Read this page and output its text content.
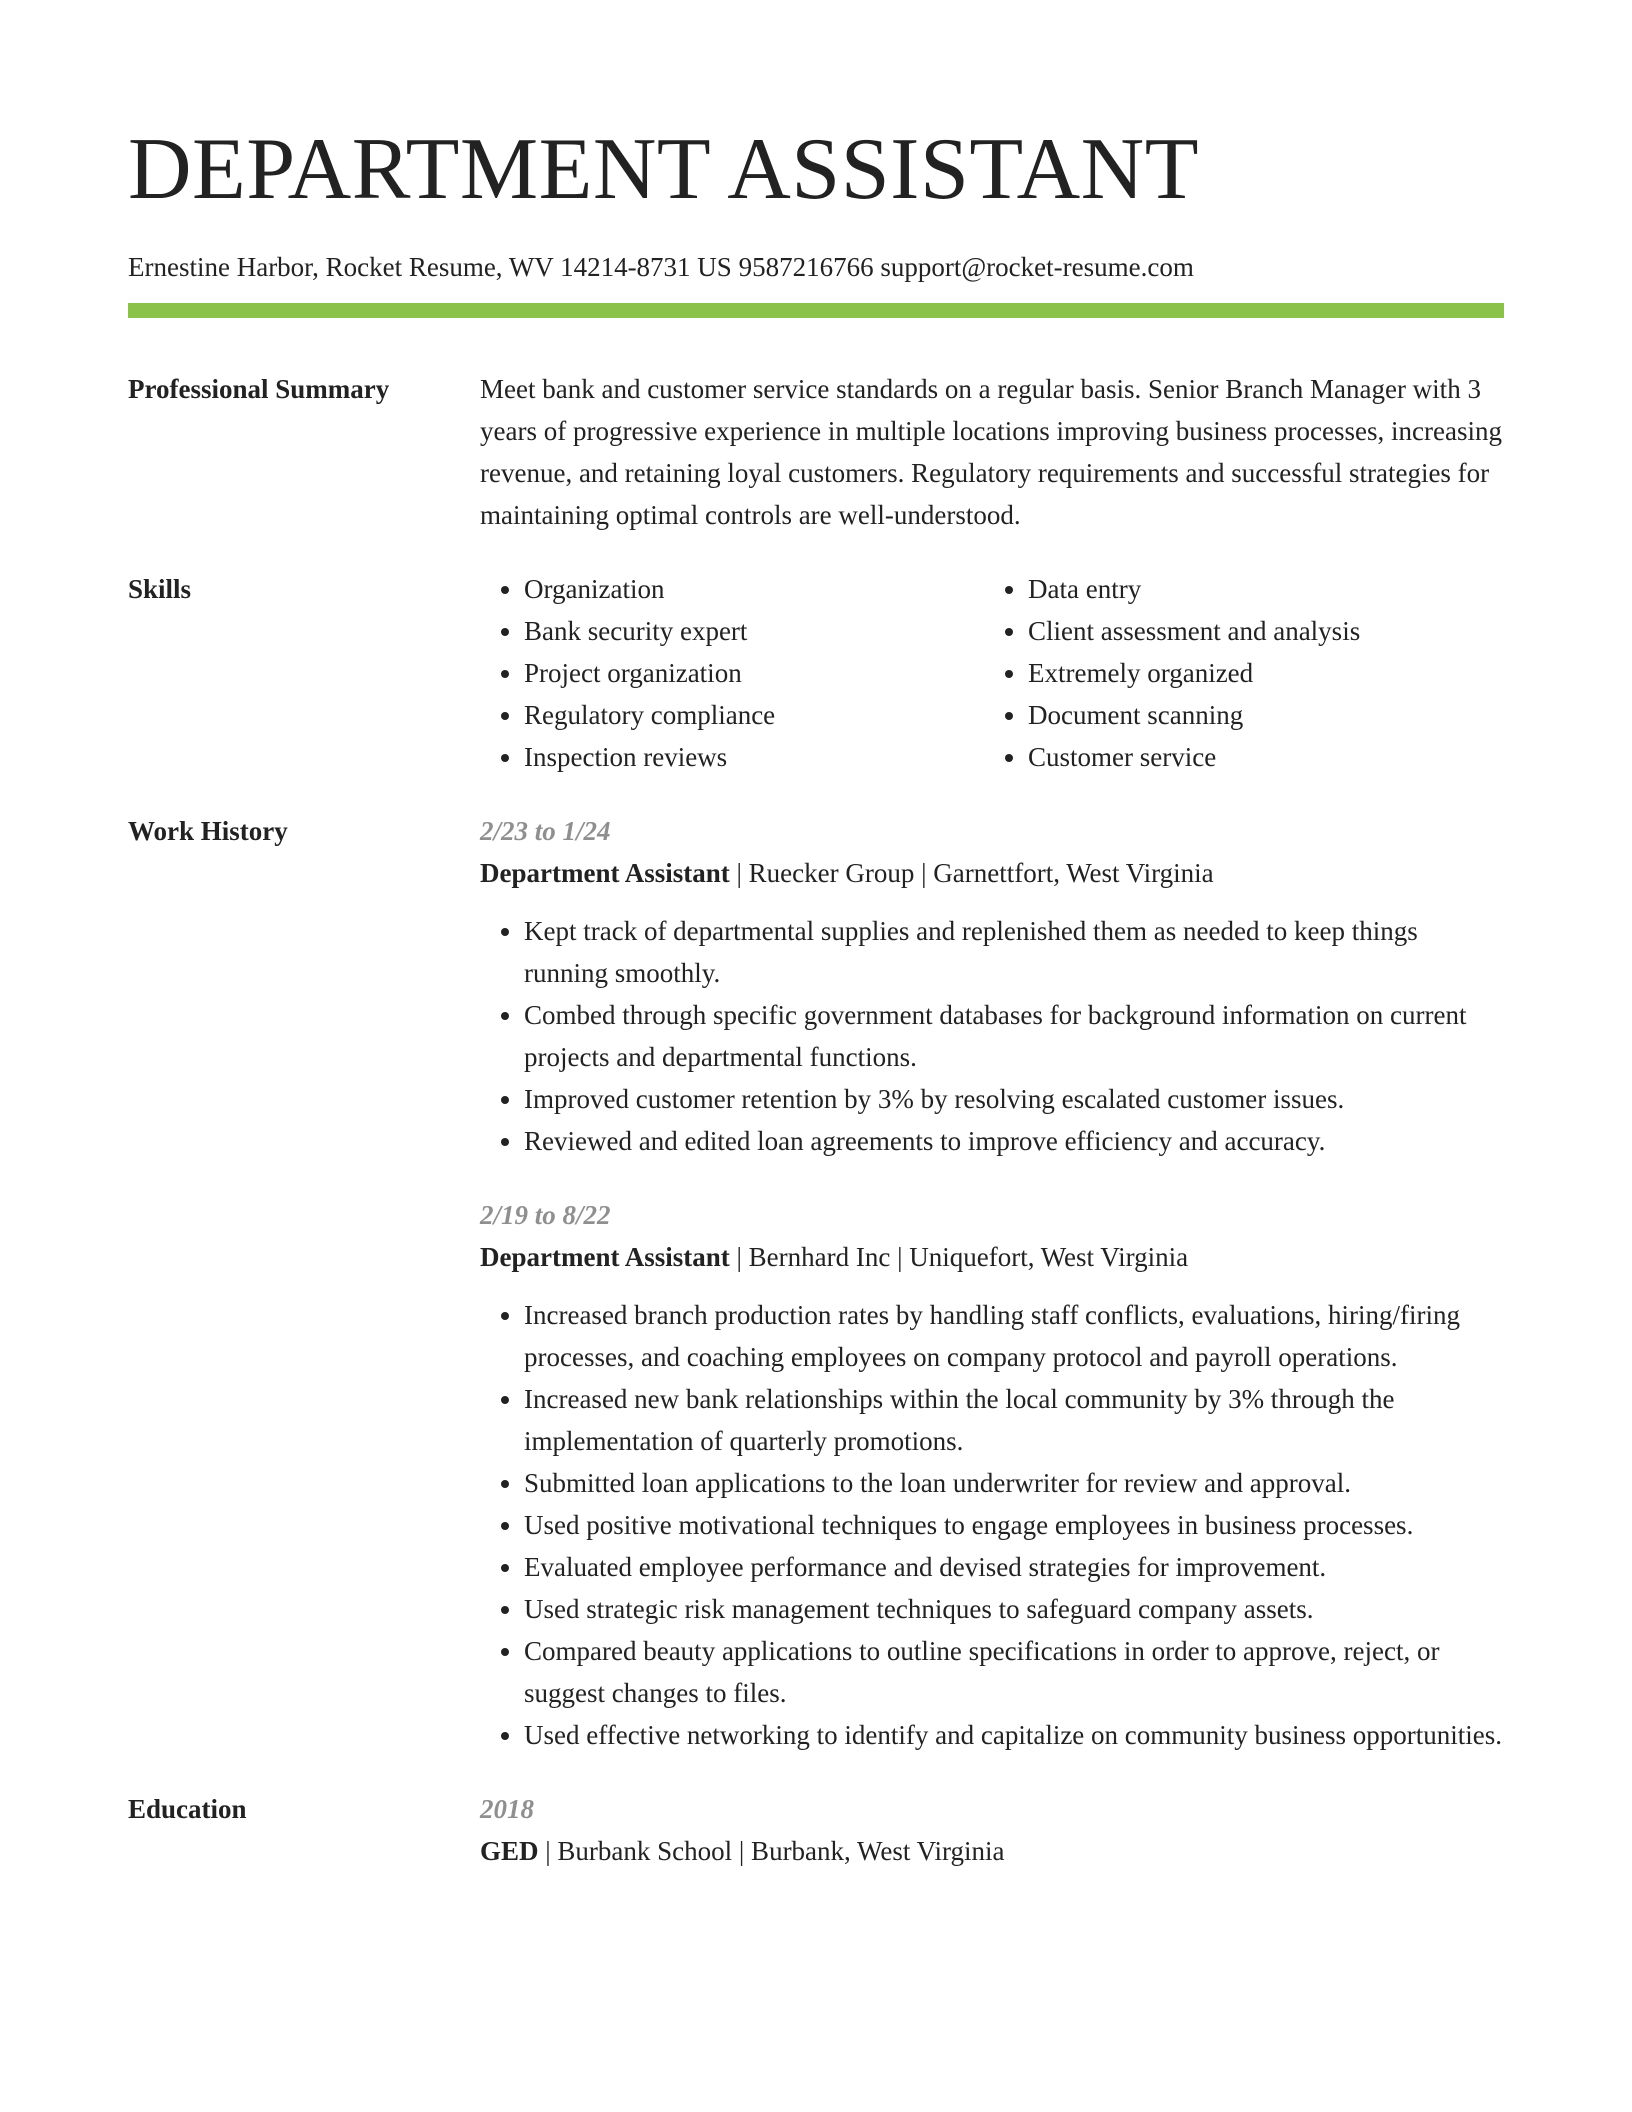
DEPARTMENT ASSISTANT
Ernestine Harbor, Rocket Resume, WV 14214-8731 US 9587216766 support@rocket-resume.com
Professional Summary	Meet bank and customer service standards on a regular basis. Senior Branch Manager with 3 years of progressive experience in multiple locations improving business processes, increasing revenue, and retaining loyal customers. Regulatory requirements and successful strategies for maintaining optimal controls are well-understood.
Skills
•	Organization
• Bank security expert
• Project organization
• Regulatory compliance
• Inspection reviews
• Data entry
• Client assessment and analysis
• Extremely organized
• Document scanning
• Customer service
Work History	2/23 to 1/24
Department Assistant | Ruecker Group | Garnettfort, West Virginia
• Kept track of departmental supplies and replenished them as needed to keep things running smoothly.
• Combed through specific government databases for background information on current projects and departmental functions.
• Improved customer retention by 3% by resolving escalated customer issues.
• Reviewed and edited loan agreements to improve efficiency and accuracy.
2/19 to 8/22
Department Assistant | Bernhard Inc | Uniquefort, West Virginia
• Increased branch production rates by handling staff conflicts, evaluations, hiring/firing processes, and coaching employees on company protocol and payroll operations.
• Increased new bank relationships within the local community by 3% through the implementation of quarterly promotions.
• Submitted loan applications to the loan underwriter for review and approval.
• Used positive motivational techniques to engage employees in business processes.
• Evaluated employee performance and devised strategies for improvement.
• Used strategic risk management techniques to safeguard company assets.
• Compared beauty applications to outline specifications in order to approve, reject, or suggest changes to files.
• Used effective networking to identify and capitalize on community business opportunities.
Education	2018
GED | Burbank School | Burbank, West Virginia
